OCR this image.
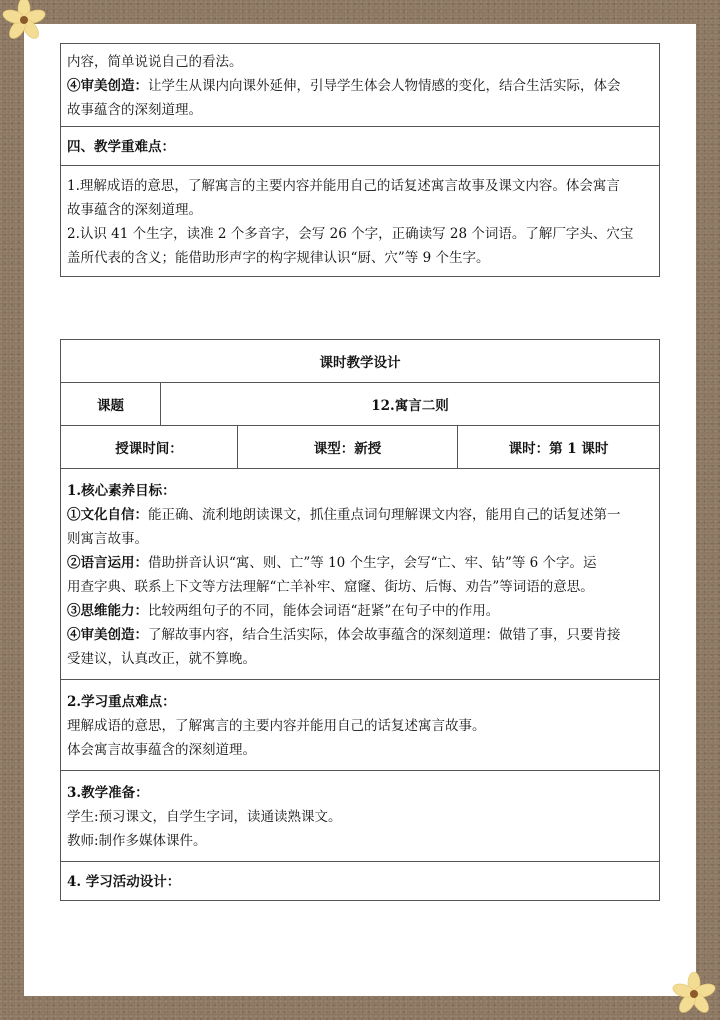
内容，简单说说自己的看法。

④审美创造：让学生从课内向课外延伸，引导学生体会人物情感的变化，结合生活实际，体会

故事蕴含的深刻道理。

四、教学重难点：

1.理解成语的意思，了解寓言的主要内容并能用自己的话复述寓言故事及课文内容。体会寓言

故事蕴含的深刻道理。

2.认识 41 个生字，读准 2 个多音字，会写 26 个字，正确读写 28 个词语。了解厂字头、穴宝

盖所代表的含义；能借助形声字的构字规律认识“厨、穴”等 9 个生字。

课时教学设计
课题	12.寓言二则
授课时间：	课型：新授	课时：第 1 课时

1.核心素养目标：

①文化自信：能正确、流利地朗读课文，抓住重点词句理解课文内容，能用自己的话复述第一

则寓言故事。

②语言运用：借助拼音认识“寓、则、亡”等 10 个生字，会写“亡、牢、钻”等 6 个字。运

用查字典、联系上下文等方法理解“亡羊补牢、窟窿、街坊、后悔、劝告”等词语的意思。

③思维能力：比较两组句子的不同，能体会词语“赶紧”在句子中的作用。

④审美创造：了解故事内容，结合生活实际，体会故事蕴含的深刻道理：做错了事，只要肯接

受建议，认真改正，就不算晚。

2.学习重点难点：

理解成语的意思，了解寓言的主要内容并能用自己的话复述寓言故事。

体会寓言故事蕴含的深刻道理。

3.教学准备：

学生:预习课文，自学生字词，读通读熟课文。

教师:制作多媒体课件。

4. 学习活动设计：
